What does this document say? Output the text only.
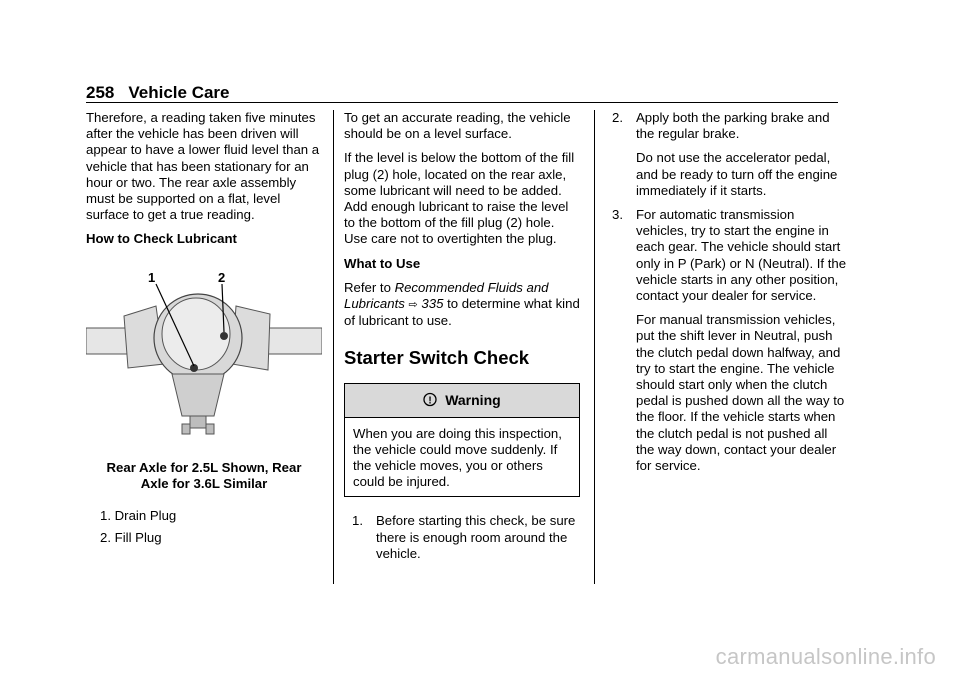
258 Vehicle Care

Therefore, a reading taken five minutes after the vehicle has been driven will appear to have a lower fluid level than a vehicle that has been stationary for an hour or two. The rear axle assembly must be supported on a flat, level surface to get a true reading.

How to Check Lubricant

1	2
Rear Axle for 2.5L Shown, Rear Axle for 3.6L Similar
1. Drain Plug
2. Fill Plug

To get an accurate reading, the vehicle should be on a level surface.

If the level is below the bottom of the fill plug (2) hole, located on the rear axle, some lubricant will need to be added. Add enough lubricant to raise the level to the bottom of the fill plug (2) hole. Use care not to overtighten the plug.

What to Use

Refer to Recommended Fluids and Lubricants ⇨ 335 to determine what kind of lubricant to use.

Starter Switch Check
! Warning
When you are doing this inspection, the vehicle could move suddenly. If the vehicle moves, you or others could be injured.
1. Before starting this check, be sure there is enough room around the vehicle.
2. Apply both the parking brake and the regular brake.

Do not use the accelerator pedal, and be ready to turn off the engine immediately if it starts.

3. For automatic transmission vehicles, try to start the engine in each gear. The vehicle should start only in P (Park) or N (Neutral). If the vehicle starts in any other position, contact your dealer for service.

For manual transmission vehicles, put the shift lever in Neutral, push the clutch pedal down halfway, and try to start the engine. The vehicle should start only when the clutch pedal is pushed down all the way to the floor. If the vehicle starts when the clutch pedal is not pushed all the way down, contact your dealer for service.

carmanualsonline.info
